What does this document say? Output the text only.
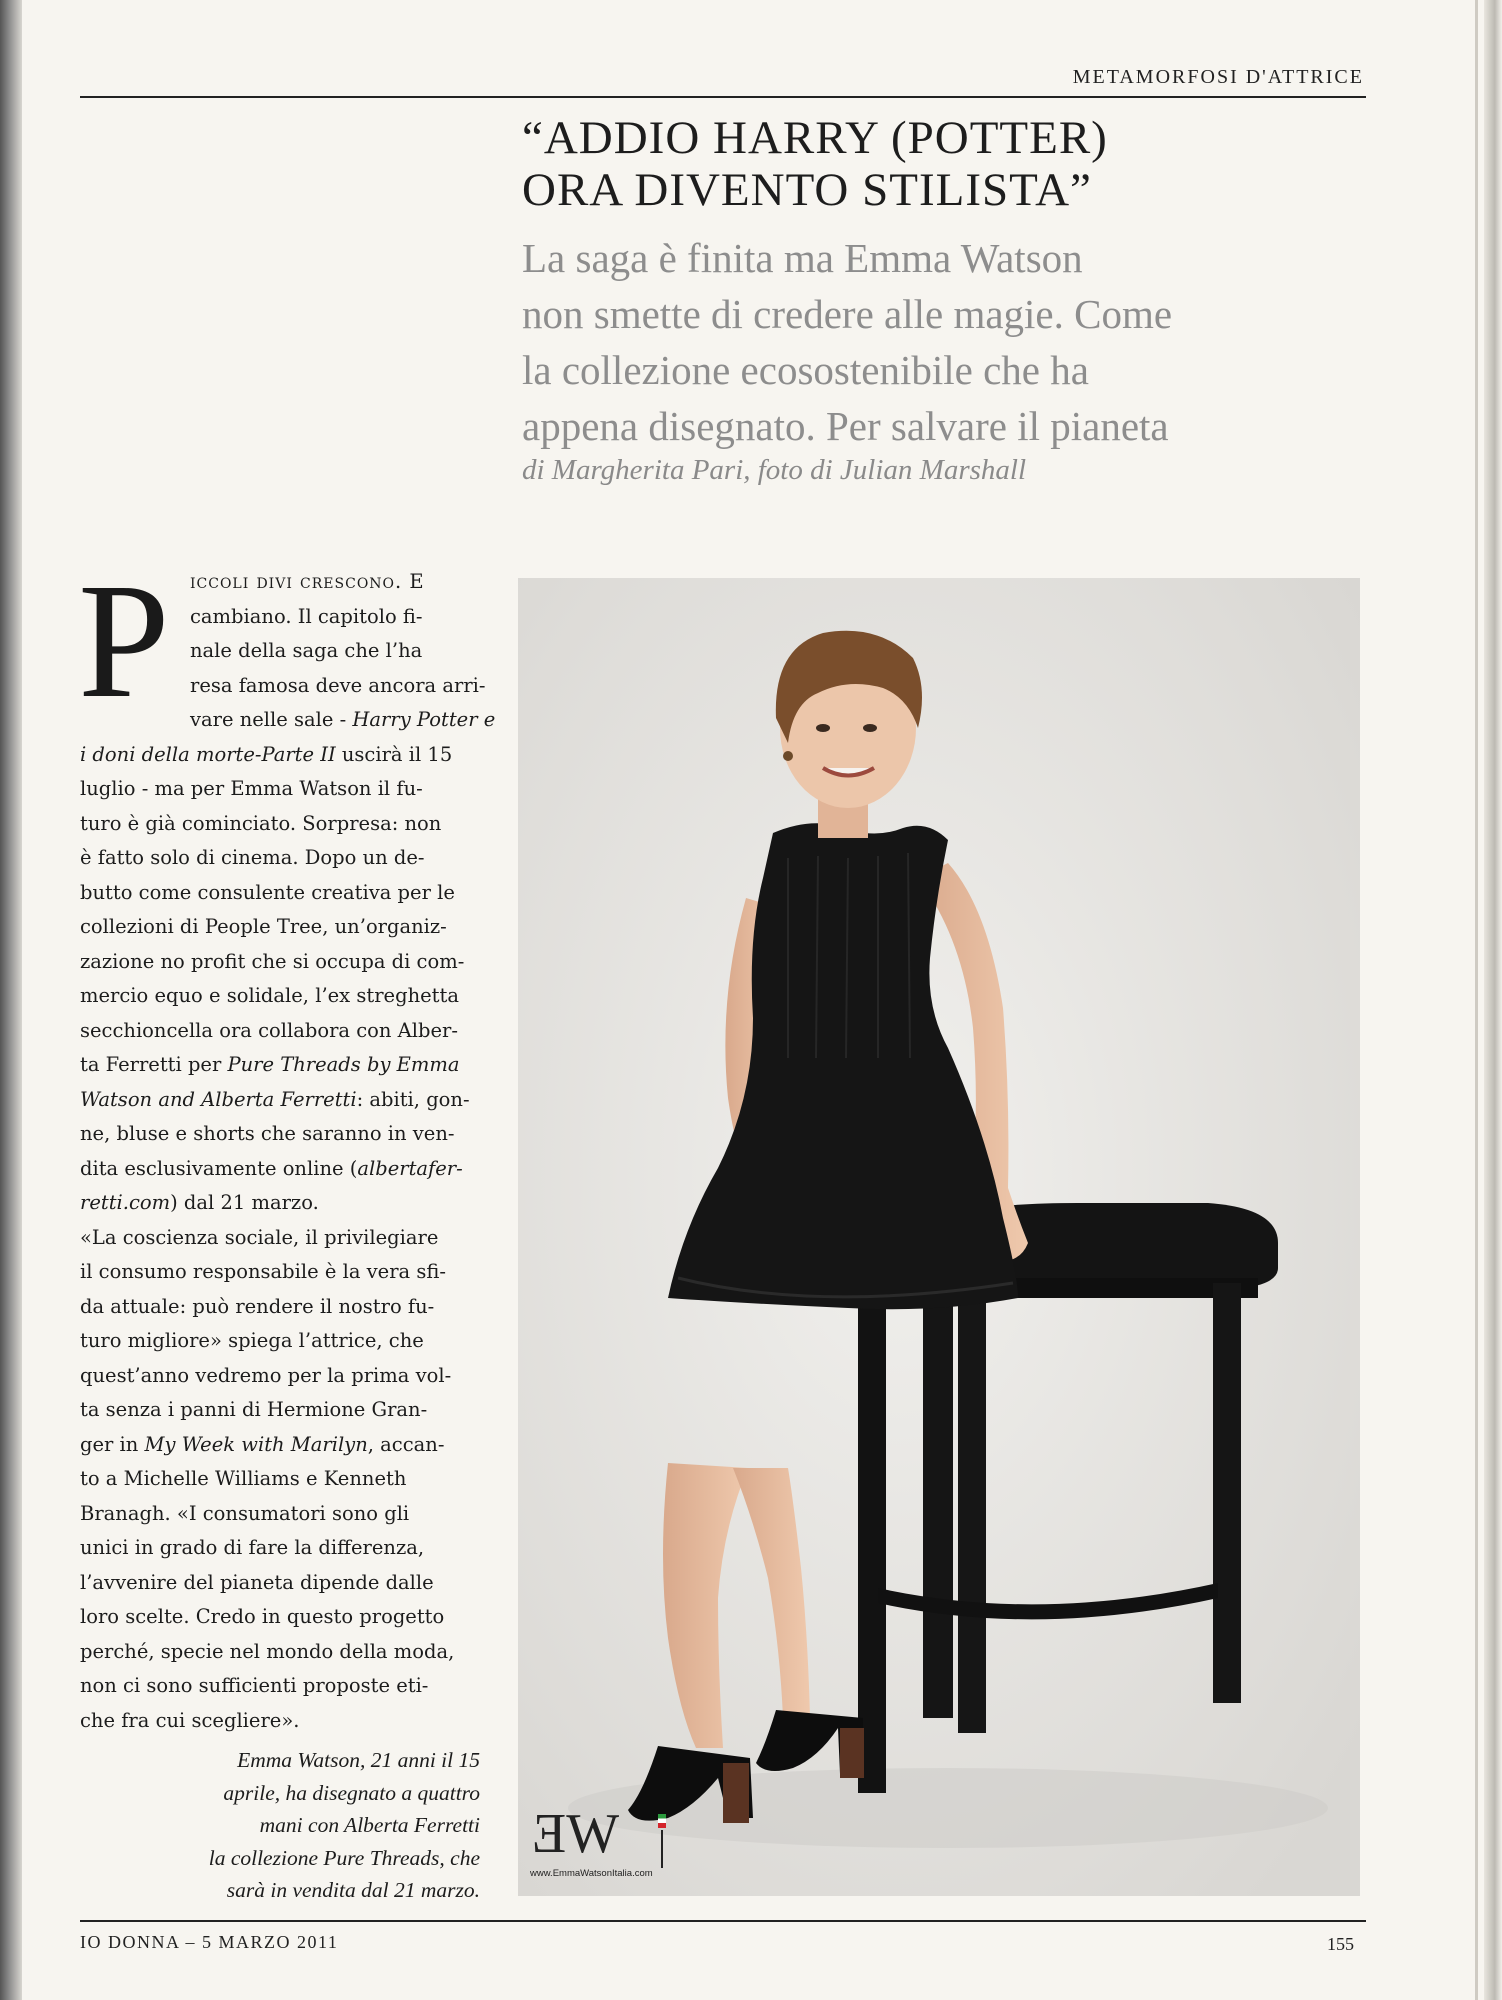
METAMORFOSI D'ATTRICE
“ADDIO HARRY (POTTER)
ORA DIVENTO STILISTA”
La saga è finita ma Emma Watson
non smette di credere alle magie. Come
la collezione ecosostenibile che ha
appena disegnato. Per salvare il pianeta
di Margherita Pari, foto di Julian Marshall
P	iccoli divi crescono. E
cambiano. Il capitolo fi-
nale della saga che l’ha
resa famosa deve ancora arri-
vare nelle sale - Harry Potter e
i doni della morte-Parte II uscirà il 15
luglio - ma per Emma Watson il fu-
turo è già cominciato. Sorpresa: non
è fatto solo di cinema. Dopo un de-
butto come consulente creativa per le
collezioni di People Tree, un’organiz-
zazione no profit che si occupa di com-
mercio equo e solidale, l’ex streghetta
secchioncella ora collabora con Alber-
ta Ferretti per Pure Threads by Emma
Watson and Alberta Ferretti: abiti, gon-
ne, bluse e shorts che saranno in ven-
dita esclusivamente online (albertafer-
retti.com) dal 21 marzo.
«La coscienza sociale, il privilegiare
il consumo responsabile è la vera sfi-
da attuale: può rendere il nostro fu-
turo migliore» spiega l’attrice, che
quest’anno vedremo per la prima vol-
ta senza i panni di Hermione Gran-
ger in My Week with Marilyn, accan-
to a Michelle Williams e Kenneth
Branagh. «I consumatori sono gli
unici in grado di fare la differenza,
l’avvenire del pianeta dipende dalle
loro scelte. Credo in questo progetto
perché, specie nel mondo della moda,
non ci sono sufficienti proposte eti-
che fra cui scegliere».
Emma Watson, 21 anni il 15
aprile, ha disegnato a quattro
mani con Alberta Ferretti
la collezione Pure Threads, che
sarà in vendita dal 21 marzo.
ƎW
www.EmmaWatsonItalia.com
IO DONNA – 5 MARZO 2011	155
